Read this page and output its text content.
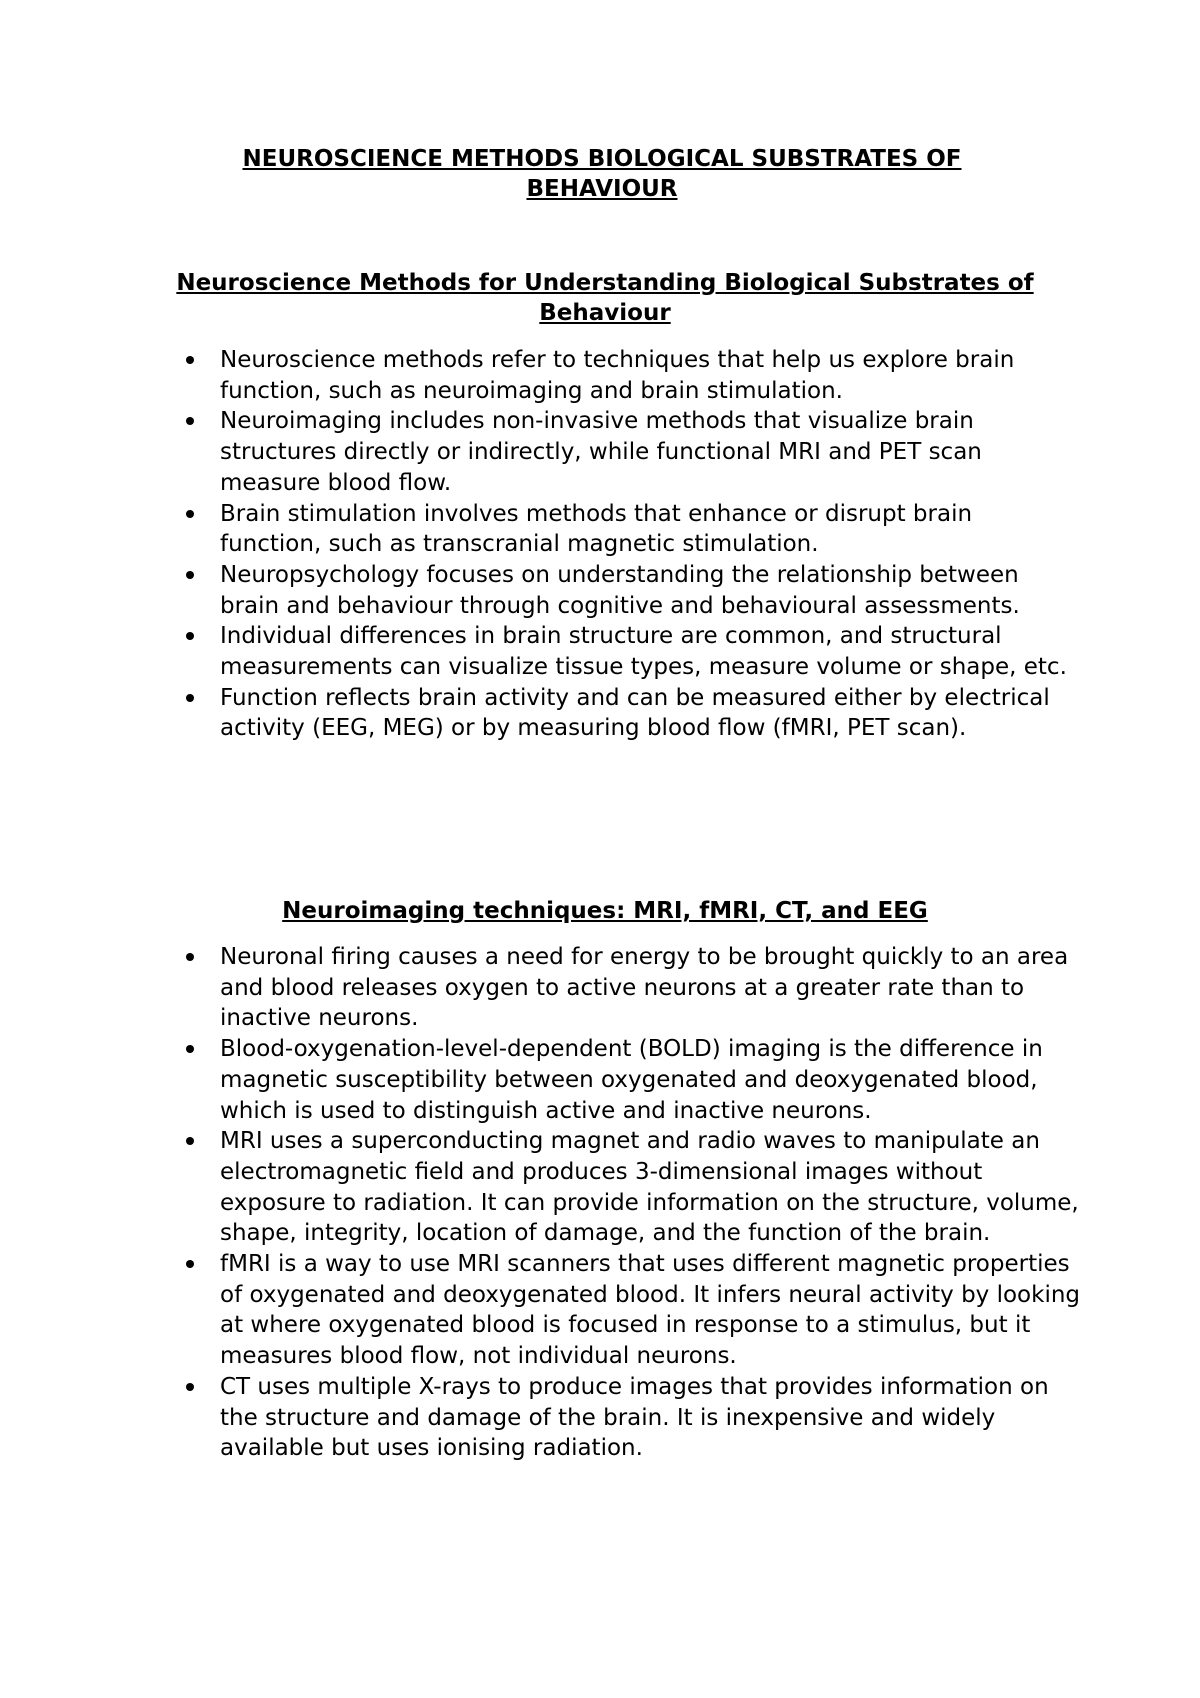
NEUROSCIENCE METHODS BIOLOGICAL SUBSTRATES OF
BEHAVIOUR
Neuroscience Methods for Understanding Biological Substrates of
Behaviour
Neuroscience methods refer to techniques that help us explore brain function, such as neuroimaging and brain stimulation.
Neuroimaging includes non-invasive methods that visualize brain structures directly or indirectly, while functional MRI and PET scan measure blood flow.
Brain stimulation involves methods that enhance or disrupt brain function, such as transcranial magnetic stimulation.
Neuropsychology focuses on understanding the relationship between brain and behaviour through cognitive and behavioural assessments.
Individual differences in brain structure are common, and structural measurements can visualize tissue types, measure volume or shape, etc.
Function reflects brain activity and can be measured either by electrical activity (EEG, MEG) or by measuring blood flow (fMRI, PET scan).
Neuroimaging techniques: MRI, fMRI, CT, and EEG
Neuronal firing causes a need for energy to be brought quickly to an area and blood releases oxygen to active neurons at a greater rate than to inactive neurons.
Blood-oxygenation-level-dependent (BOLD) imaging is the difference in magnetic susceptibility between oxygenated and deoxygenated blood, which is used to distinguish active and inactive neurons.
MRI uses a superconducting magnet and radio waves to manipulate an electromagnetic field and produces 3-dimensional images without exposure to radiation. It can provide information on the structure, volume, shape, integrity, location of damage, and the function of the brain.
fMRI is a way to use MRI scanners that uses different magnetic properties of oxygenated and deoxygenated blood. It infers neural activity by looking at where oxygenated blood is focused in response to a stimulus, but it measures blood flow, not individual neurons.
CT uses multiple X-rays to produce images that provides information on the structure and damage of the brain. It is inexpensive and widely available but uses ionising radiation.
